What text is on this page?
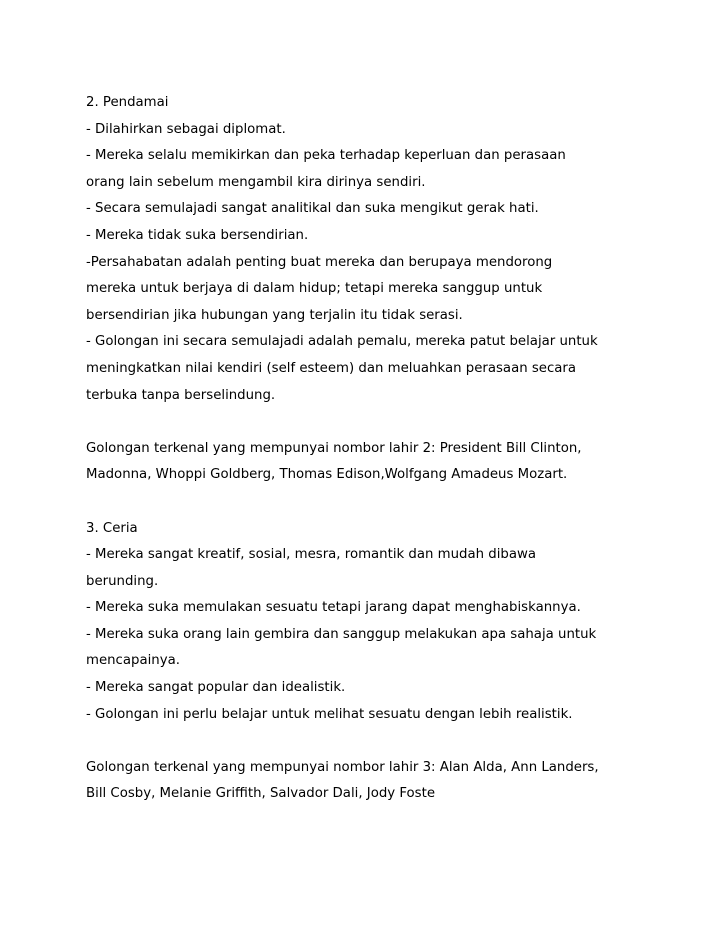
2. Pendamai
- Dilahirkan sebagai diplomat.
- Mereka selalu memikirkan dan peka terhadap keperluan dan perasaan
orang lain sebelum mengambil kira dirinya sendiri.
- Secara semulajadi sangat analitikal dan suka mengikut gerak hati.
- Mereka tidak suka bersendirian.
-Persahabatan adalah penting buat mereka dan berupaya mendorong
mereka untuk berjaya di dalam hidup; tetapi mereka sanggup untuk
bersendirian jika hubungan yang terjalin itu tidak serasi.
- Golongan ini secara semulajadi adalah pemalu, mereka patut belajar untuk
meningkatkan nilai kendiri (self esteem) dan meluahkan perasaan secara
terbuka tanpa berselindung.
Golongan terkenal yang mempunyai nombor lahir 2: President Bill Clinton,
Madonna, Whoppi Goldberg, Thomas Edison,Wolfgang Amadeus Mozart.
3. Ceria
- Mereka sangat kreatif, sosial, mesra, romantik dan mudah dibawa
berunding.
- Mereka suka memulakan sesuatu tetapi jarang dapat menghabiskannya.
- Mereka suka orang lain gembira dan sanggup melakukan apa sahaja untuk
mencapainya.
- Mereka sangat popular dan idealistik.
- Golongan ini perlu belajar untuk melihat sesuatu dengan lebih realistik.
Golongan terkenal yang mempunyai nombor lahir 3: Alan Alda, Ann Landers,
Bill Cosby, Melanie Griffith, Salvador Dali, Jody Foste
